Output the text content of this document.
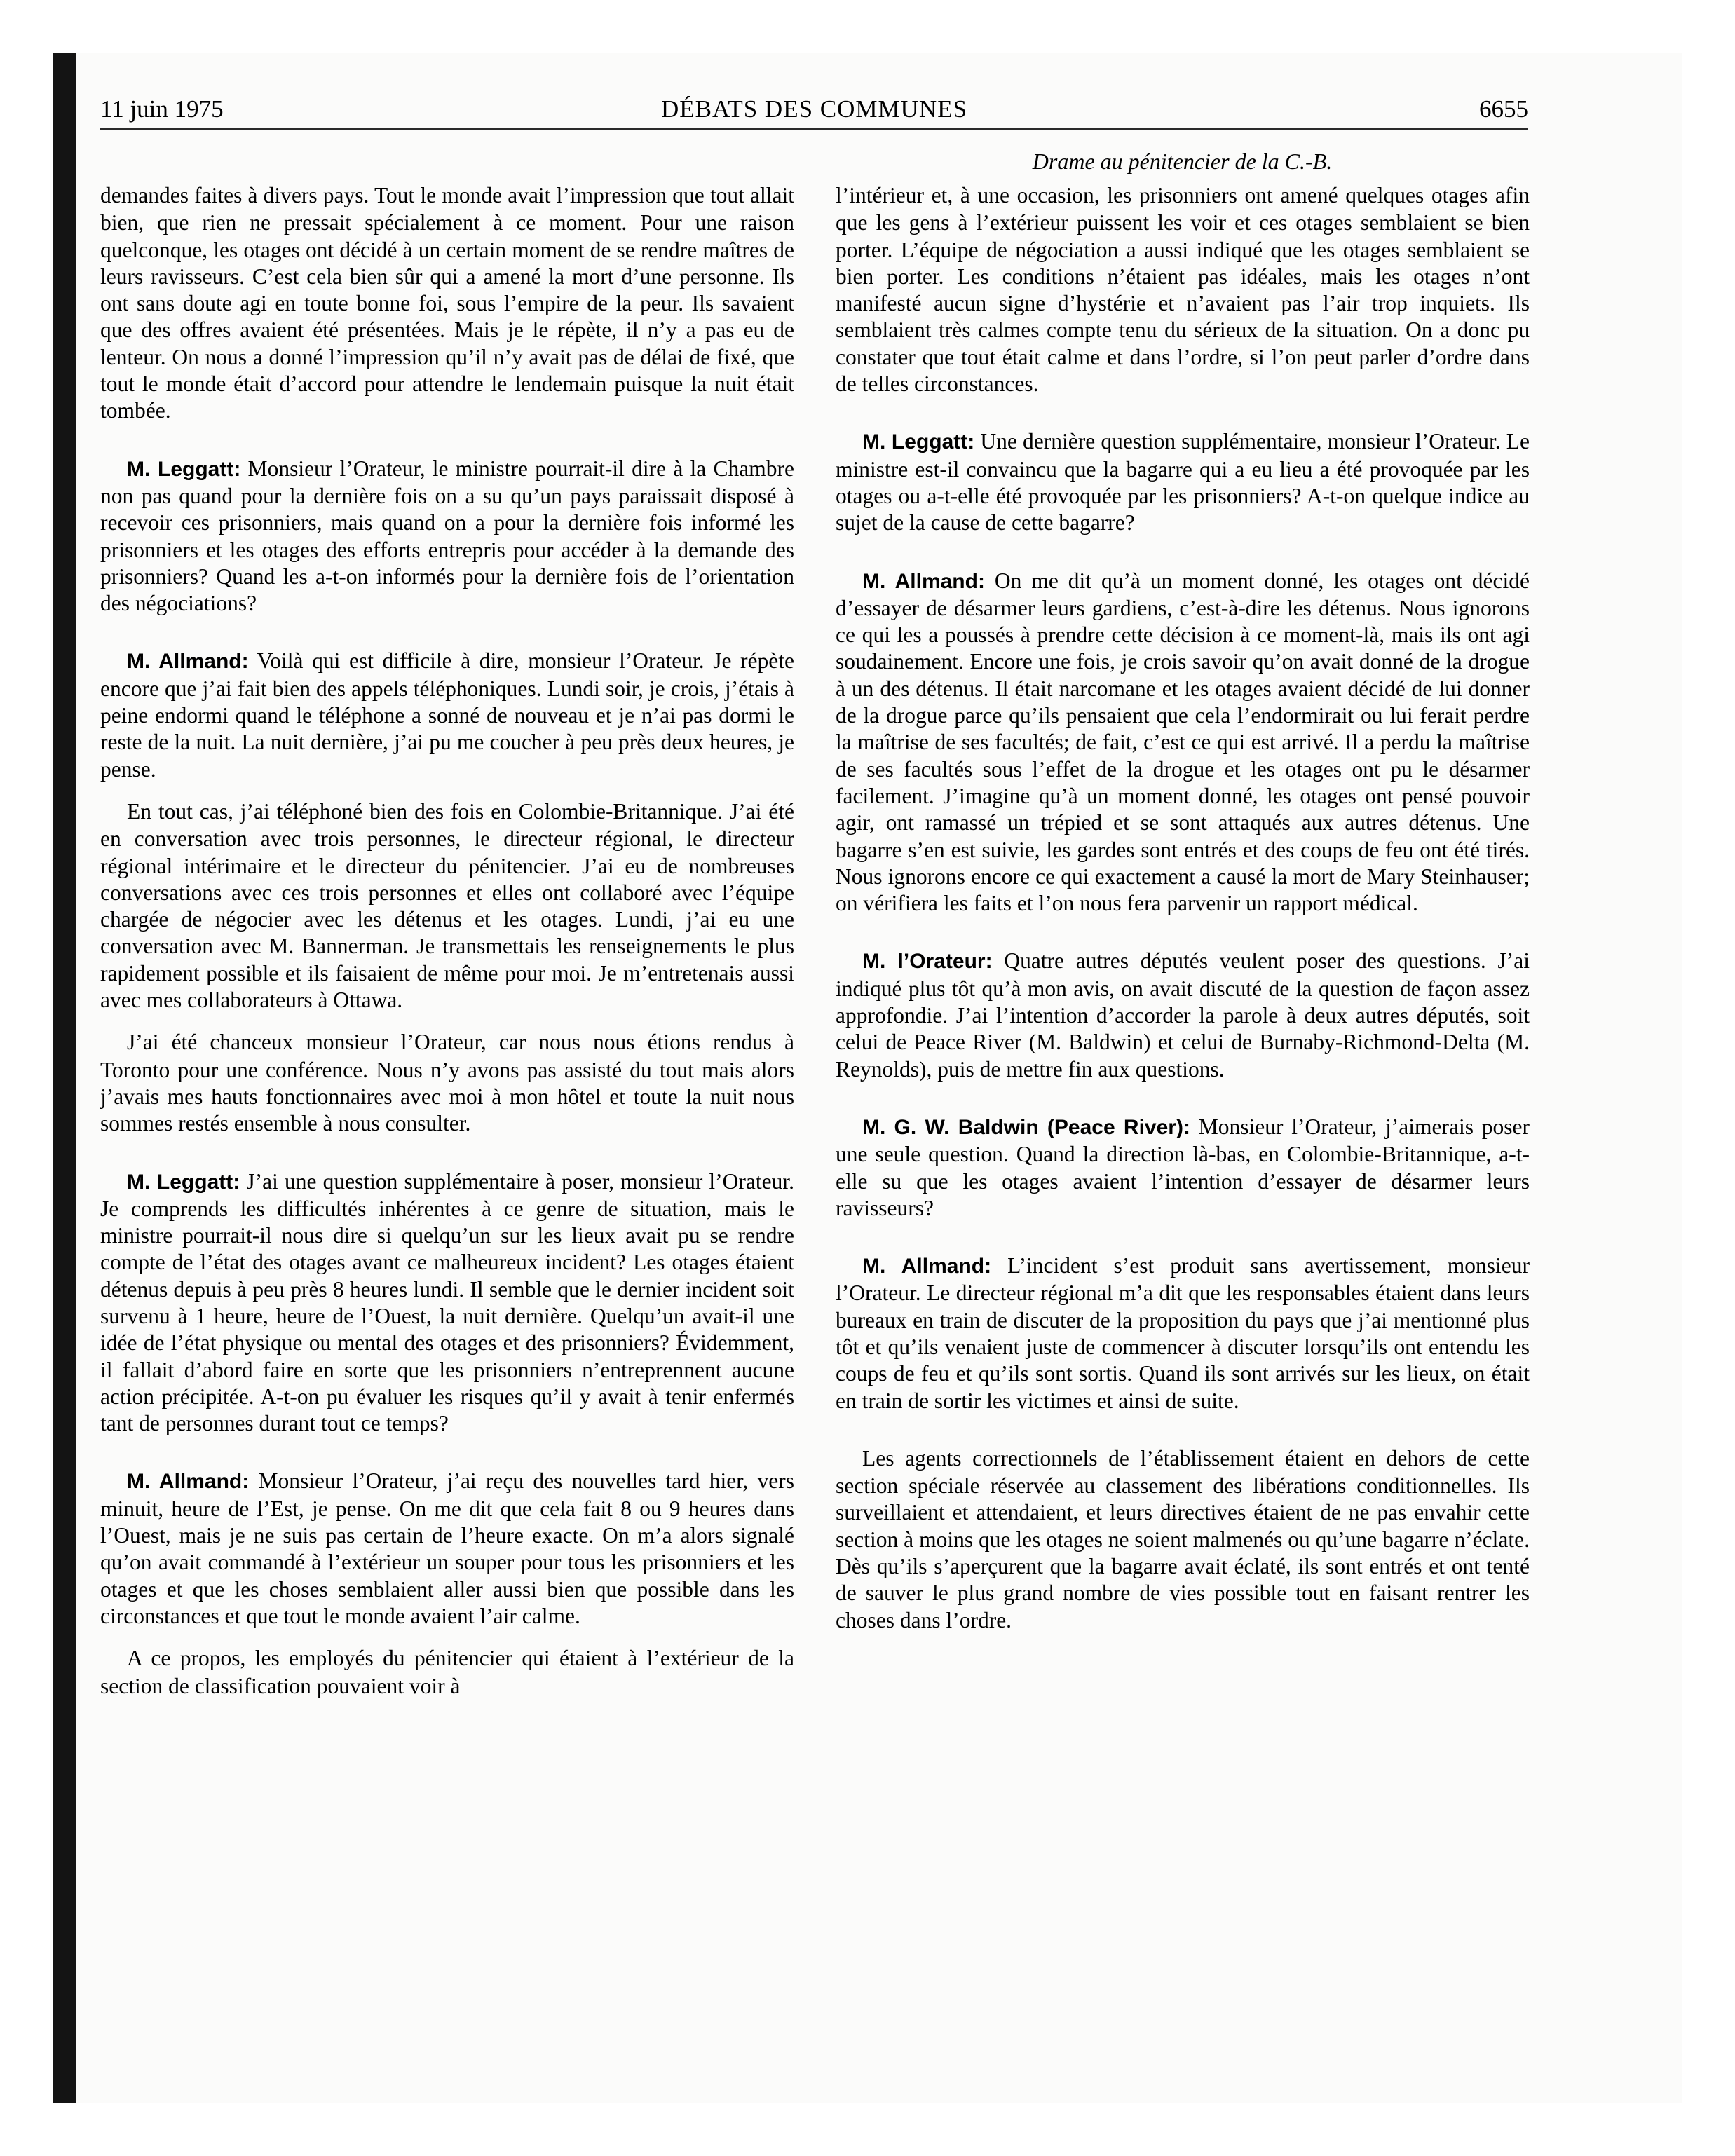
11 juin 1975	DÉBATS DES COMMUNES	6655
Drame au pénitencier de la C.-B.

demandes faites à divers pays. Tout le monde avait l’impression que tout allait bien, que rien ne pressait spécialement à ce moment. Pour une raison quelconque, les otages ont décidé à un certain moment de se rendre maîtres de leurs ravisseurs. C’est cela bien sûr qui a amené la mort d’une personne. Ils ont sans doute agi en toute bonne foi, sous l’empire de la peur. Ils savaient que des offres avaient été présentées. Mais je le répète, il n’y a pas eu de lenteur. On nous a donné l’impression qu’il n’y avait pas de délai de fixé, que tout le monde était d’accord pour attendre le lendemain puisque la nuit était tombée.

M. Leggatt: Monsieur l’Orateur, le ministre pourrait-il dire à la Chambre non pas quand pour la dernière fois on a su qu’un pays paraissait disposé à recevoir ces prisonniers, mais quand on a pour la dernière fois informé les prisonniers et les otages des efforts entrepris pour accéder à la demande des prisonniers? Quand les a-t-on informés pour la dernière fois de l’orientation des négociations?

M. Allmand: Voilà qui est difficile à dire, monsieur l’Orateur. Je répète encore que j’ai fait bien des appels téléphoniques. Lundi soir, je crois, j’étais à peine endormi quand le téléphone a sonné de nouveau et je n’ai pas dormi le reste de la nuit. La nuit dernière, j’ai pu me coucher à peu près deux heures, je pense.

En tout cas, j’ai téléphoné bien des fois en Colombie-Britannique. J’ai été en conversation avec trois personnes, le directeur régional, le directeur régional intérimaire et le directeur du pénitencier. J’ai eu de nombreuses conversations avec ces trois personnes et elles ont collaboré avec l’équipe chargée de négocier avec les détenus et les otages. Lundi, j’ai eu une conversation avec M. Bannerman. Je transmettais les renseignements le plus rapidement possible et ils faisaient de même pour moi. Je m’entretenais aussi avec mes collaborateurs à Ottawa.

J’ai été chanceux monsieur l’Orateur, car nous nous étions rendus à Toronto pour une conférence. Nous n’y avons pas assisté du tout mais alors j’avais mes hauts fonctionnaires avec moi à mon hôtel et toute la nuit nous sommes restés ensemble à nous consulter.

M. Leggatt: J’ai une question supplémentaire à poser, monsieur l’Orateur. Je comprends les difficultés inhérentes à ce genre de situation, mais le ministre pourrait-il nous dire si quelqu’un sur les lieux avait pu se rendre compte de l’état des otages avant ce malheureux incident? Les otages étaient détenus depuis à peu près 8 heures lundi. Il semble que le dernier incident soit survenu à 1 heure, heure de l’Ouest, la nuit dernière. Quelqu’un avait-il une idée de l’état physique ou mental des otages et des prisonniers? Évidemment, il fallait d’abord faire en sorte que les prisonniers n’entreprennent aucune action précipitée. A-t-on pu évaluer les risques qu’il y avait à tenir enfermés tant de personnes durant tout ce temps?

M. Allmand: Monsieur l’Orateur, j’ai reçu des nouvelles tard hier, vers minuit, heure de l’Est, je pense. On me dit que cela fait 8 ou 9 heures dans l’Ouest, mais je ne suis pas certain de l’heure exacte. On m’a alors signalé qu’on avait commandé à l’extérieur un souper pour tous les prisonniers et les otages et que les choses semblaient aller aussi bien que possible dans les circonstances et que tout le monde avaient l’air calme.

A ce propos, les employés du pénitencier qui étaient à l’extérieur de la section de classification pouvaient voir à

l’intérieur et, à une occasion, les prisonniers ont amené quelques otages afin que les gens à l’extérieur puissent les voir et ces otages semblaient se bien porter. L’équipe de négociation a aussi indiqué que les otages semblaient se bien porter. Les conditions n’étaient pas idéales, mais les otages n’ont manifesté aucun signe d’hystérie et n’avaient pas l’air trop inquiets. Ils semblaient très calmes compte tenu du sérieux de la situation. On a donc pu constater que tout était calme et dans l’ordre, si l’on peut parler d’ordre dans de telles circonstances.

M. Leggatt: Une dernière question supplémentaire, monsieur l’Orateur. Le ministre est-il convaincu que la bagarre qui a eu lieu a été provoquée par les otages ou a-t-elle été provoquée par les prisonniers? A-t-on quelque indice au sujet de la cause de cette bagarre?

M. Allmand: On me dit qu’à un moment donné, les otages ont décidé d’essayer de désarmer leurs gardiens, c’est-à-dire les détenus. Nous ignorons ce qui les a poussés à prendre cette décision à ce moment-là, mais ils ont agi soudainement. Encore une fois, je crois savoir qu’on avait donné de la drogue à un des détenus. Il était narcomane et les otages avaient décidé de lui donner de la drogue parce qu’ils pensaient que cela l’endormirait ou lui ferait perdre la maîtrise de ses facultés; de fait, c’est ce qui est arrivé. Il a perdu la maîtrise de ses facultés sous l’effet de la drogue et les otages ont pu le désarmer facilement. J’imagine qu’à un moment donné, les otages ont pensé pouvoir agir, ont ramassé un trépied et se sont attaqués aux autres détenus. Une bagarre s’en est suivie, les gardes sont entrés et des coups de feu ont été tirés. Nous ignorons encore ce qui exactement a causé la mort de Mary Steinhauser; on vérifiera les faits et l’on nous fera parvenir un rapport médical.

M. l’Orateur: Quatre autres députés veulent poser des questions. J’ai indiqué plus tôt qu’à mon avis, on avait discuté de la question de façon assez approfondie. J’ai l’intention d’accorder la parole à deux autres députés, soit celui de Peace River (M. Baldwin) et celui de Burnaby-Richmond-Delta (M. Reynolds), puis de mettre fin aux questions.

M. G. W. Baldwin (Peace River): Monsieur l’Orateur, j’aimerais poser une seule question. Quand la direction là-bas, en Colombie-Britannique, a-t-elle su que les otages avaient l’intention d’essayer de désarmer leurs ravisseurs?

M. Allmand: L’incident s’est produit sans avertissement, monsieur l’Orateur. Le directeur régional m’a dit que les responsables étaient dans leurs bureaux en train de discuter de la proposition du pays que j’ai mentionné plus tôt et qu’ils venaient juste de commencer à discuter lorsqu’ils ont entendu les coups de feu et qu’ils sont sortis. Quand ils sont arrivés sur les lieux, on était en train de sortir les victimes et ainsi de suite.

Les agents correctionnels de l’établissement étaient en dehors de cette section spéciale réservée au classement des libérations conditionnelles. Ils surveillaient et attendaient, et leurs directives étaient de ne pas envahir cette section à moins que les otages ne soient malmenés ou qu’une bagarre n’éclate. Dès qu’ils s’aperçurent que la bagarre avait éclaté, ils sont entrés et ont tenté de sauver le plus grand nombre de vies possible tout en faisant rentrer les choses dans l’ordre.
